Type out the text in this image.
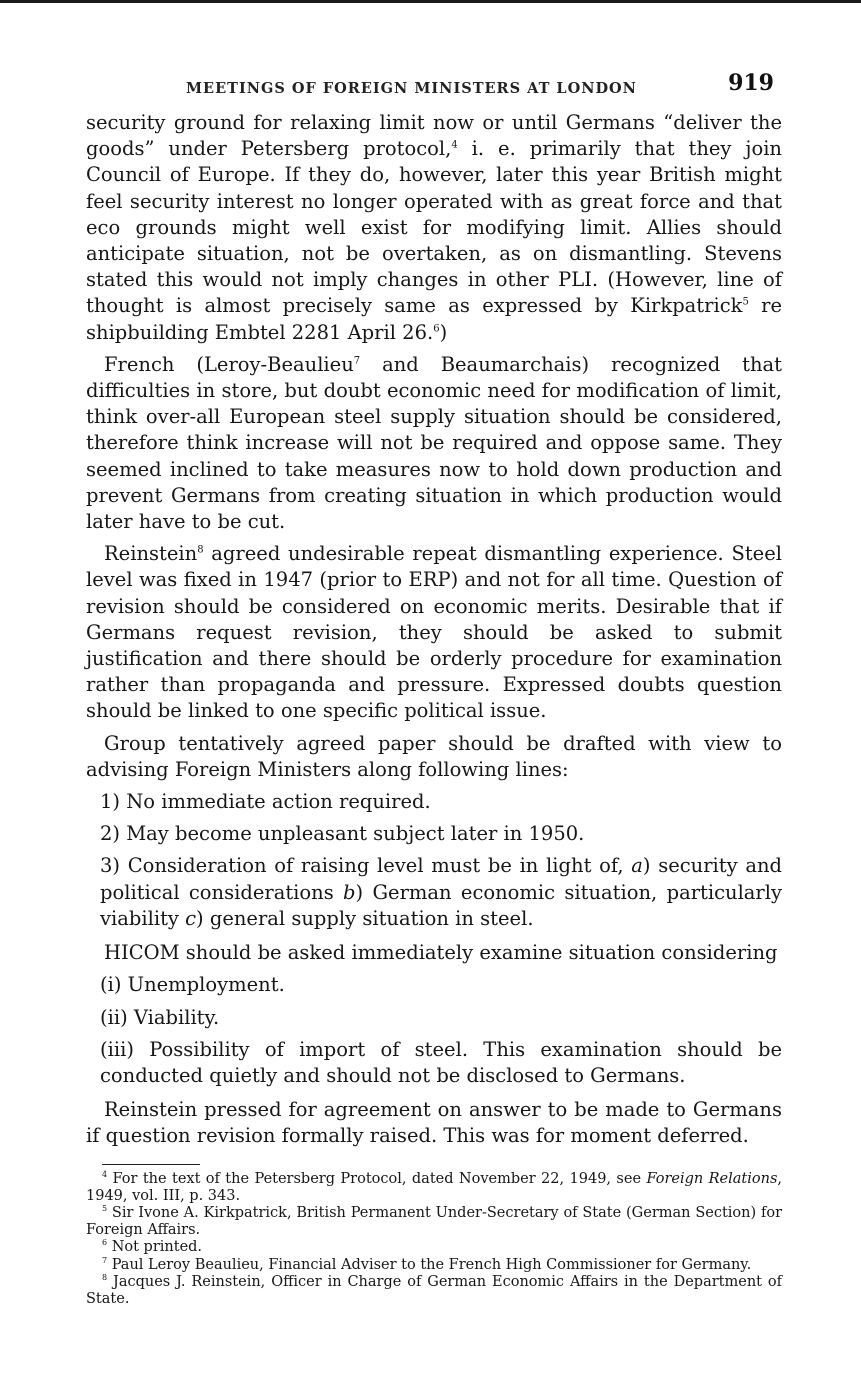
MEETINGS OF FOREIGN MINISTERS AT LONDON	919

security ground for relaxing limit now or until Germans “deliver the goods” under Petersberg protocol,$^4$ i. e. primarily that they join Council of Europe. If they do, however, later this year British might feel security interest no longer operated with as great force and that eco grounds might well exist for modifying limit. Allies should anticipate situation, not be overtaken, as on dismantling. Stevens stated this would not imply changes in other PLI. (However, line of thought is almost precisely same as expressed by Kirkpatrick$^5$ re shipbuilding Embtel 2281 April 26.$^6$)

French (Leroy-Beaulieu$^7$ and Beaumarchais) recognized that difficulties in store, but doubt economic need for modification of limit, think over-all European steel supply situation should be considered, therefore think increase will not be required and oppose same. They seemed inclined to take measures now to hold down production and prevent Germans from creating situation in which production would later have to be cut.

Reinstein$^8$ agreed undesirable repeat dismantling experience. Steel level was fixed in 1947 (prior to ERP) and not for all time. Question of revision should be considered on economic merits. Desirable that if Germans request revision, they should be asked to submit justification and there should be orderly procedure for examination rather than propaganda and pressure. Expressed doubts question should be linked to one specific political issue.

Group tentatively agreed paper should be drafted with view to advising Foreign Ministers along following lines:

1) No immediate action required.

2) May become unpleasant subject later in 1950.

3) Consideration of raising level must be in light of, a) security and political considerations b) German economic situation, particularly viability c) general supply situation in steel.

HICOM should be asked immediately examine situation considering

(i) Unemployment.

(ii) Viability.

(iii) Possibility of import of steel. This examination should be conducted quietly and should not be disclosed to Germans.

Reinstein pressed for agreement on answer to be made to Germans if question revision formally raised. This was for moment deferred.

$^4$ For the text of the Petersberg Protocol, dated November 22, 1949, see Foreign Relations, 1949, vol. III, p. 343.

$^5$ Sir Ivone A. Kirkpatrick, British Permanent Under-Secretary of State (German Section) for Foreign Affairs.

$^6$ Not printed.

$^7$ Paul Leroy Beaulieu, Financial Adviser to the French High Commissioner for Germany.

$^8$ Jacques J. Reinstein, Officer in Charge of German Economic Affairs in the Department of State.
